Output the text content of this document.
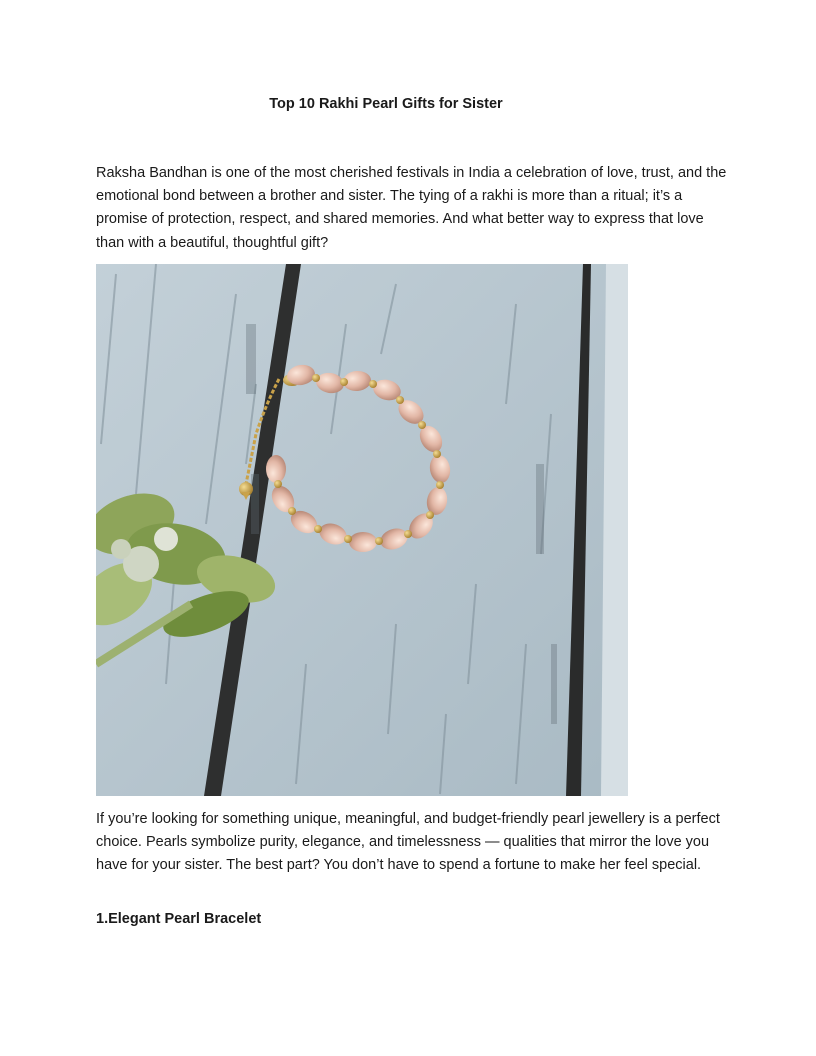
Top 10 Rakhi Pearl Gifts for Sister

Raksha Bandhan is one of the most cherished festivals in India a celebration of love, trust, and the emotional bond between a brother and sister. The tying of a rakhi is more than a ritual; it’s a promise of protection, respect, and shared memories. And what better way to express that love than with a beautiful, thoughtful gift?

If you’re looking for something unique, meaningful, and budget-friendly pearl jewellery is a perfect choice. Pearls symbolize purity, elegance, and timelessness — qualities that mirror the love you have for your sister. The best part? You don’t have to spend a fortune to make her feel special.

1.Elegant Pearl Bracelet
